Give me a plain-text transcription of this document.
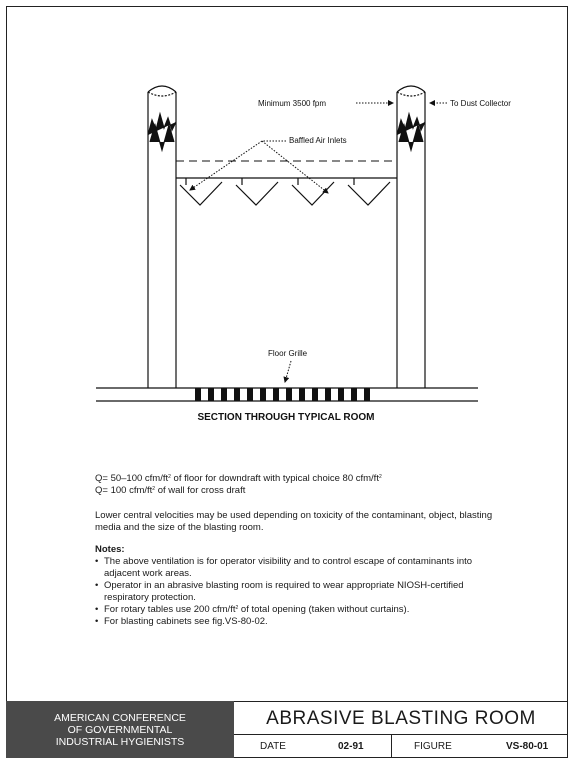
Minimum 3500 fpm	To Dust Collector
Baffled Air Inlets
Floor Grille
SECTION THROUGH TYPICAL ROOM
Q= 50–100 cfm/$ft^2$ of floor for downdraft with typical choice 80 cfm/$ft^2$
Q= 100 cfm/$ft^2$ of wall for cross draft
Lower central velocities may be used depending on toxicity of the contaminant, object, blasting media and the size of the blasting room.
Notes:
• The above ventilation is for operator visibility and to control escape of contaminants into adjacent work areas.
• Operator in an abrasive blasting room is required to wear appropriate NIOSH-certified respiratory protection.
• For rotary tables use 200 cfm/$ft^2$ of total opening (taken without curtains).
• For blasting cabinets see fig.VS-80-02.
AMERICAN CONFERENCE
OF GOVERNMENTAL
INDUSTRIAL HYGIENISTS
ABRASIVE BLASTING ROOM
DATE	02-91	FIGURE	VS-80-01
